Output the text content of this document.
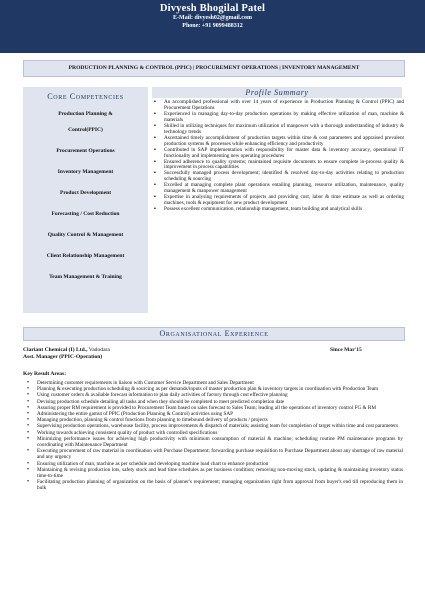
Divyesh Bhogilal Patel
E-Mail: divyesh02@gmail.com
Phone: +91 9099488312
PRODUCTION PLANNING & CONTROL (PPIC) | PROCUREMENT OPERATIONS | INVENTORY MANAGEMENT
Core Competencies
Production Planning &
Control(PPIC)
Procurement Operations
Inventory Management
Product Development
Forecasting / Cost Reduction
Quality Control & Management
Client Relationship Management
Team Management & Training
Profile Summary
▪ An accomplished professional with over 14 years of experience in Production Planning & Control (PPIC) and Procurement Operations
▪ Experienced in managing day-to-day production operations by making effective utilization of man, machine & materials
▪ Skilled in utilizing techniques for maximum utilization of manpower with a thorough understanding of industry & technology trends
▪ Ascertained timely accomplishment of production targets within time & cost parameters and appraised prevalent production systems & processes while enhancing efficiency and productivity
▪ Contributed in SAP implementation with responsibility for master data & inventory accuracy, operational IT functionality and implementing new operating procedures
▪ Ensured adherence to quality systems; maintained requisite documents to ensure complete in-process quality & improvement in process capabilities
▪ Successfully managed process development; identified & resolved day-to-day activities relating to production scheduling & sourcing
▪ Excelled at managing complete plant operations entailing planning, resource utilization, maintenance, quality management & manpower management
▪ Expertise in analysing requirements of projects and providing cost, labor & time estimate as well as ordering machines, tools & equipment for new product development
▪ Possess excellent communication, relationship management, team building and analytical skills
Organisational Experience
Clariant Chemical (I) Ltd., Vadodara
Asst. Manager (PPIC-Operation)
Since Mar'15
Key Result Areas:
• Determining customer requirements in liaison with Customer Service Department and Sales Department
• Planning & executing production scheduling & sourcing as per demands/inputs of master production plan & inventory targets in coordination with Production Team
• Using customer orders & available forecast information to plan daily activities of factory through cost effective planning
• Devising production schedule detailing all tasks and when they should be completed to meet predicted completion date
• Assuring proper RM requirement is provided to Procurement Team based on sales forecast to Sales Team; leading all the operations of inventory control FG & RM
• Administering the entire gamut of PPIC (Production Planning & Control) activities using SAP
• Managing production, planning & control functions from planning to timebound delivery of products / projects
• Supervising production operations, warehouse facility, process improvements & dispatch of materials; assisting team for completion of target within time and cost parameters
• Working towards achieving consistent quality of product with controlled specifications
• Minimizing performance issues for achieving high productivity with minimum consumption of material & machine; scheduling routine PM maintenance programs by coordinating with Maintenance Department
• Executing procurement of raw material in coordination with Purchase Department; forwarding purchase requisition to Purchase Department about any shortage of raw material and any urgency
• Ensuring utilization of man, machine as per schedule and developing machine load chart to enhance production
• Maintaining & revising production lots, safety stock and lead time schedules as per business condition; removing non-moving stock, updating & maintaining inventory status time-to-time
• Facilitating production planning of organization on the basis of planner's requirement; managing organization right from approval from buyer's end till reproducing them in bulk
